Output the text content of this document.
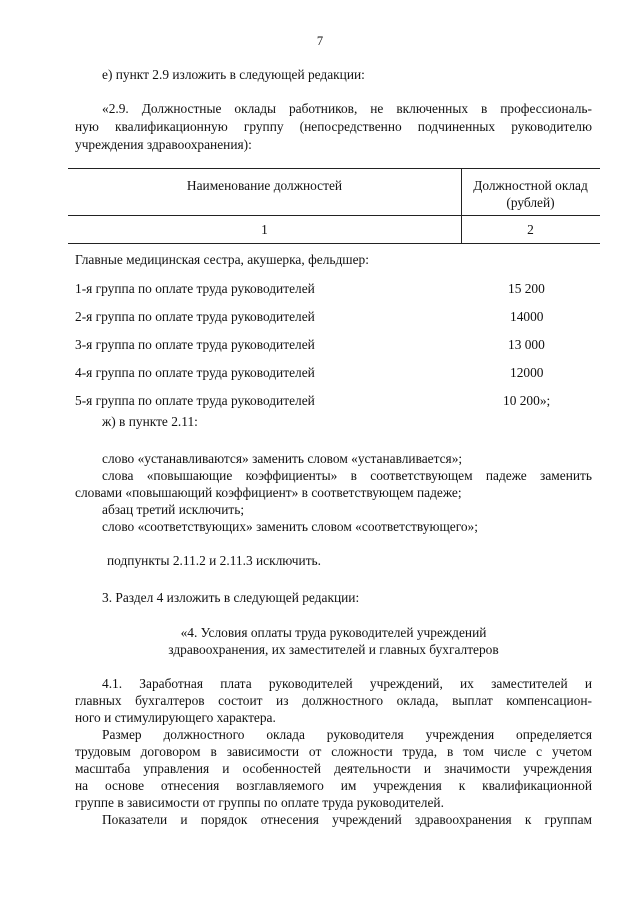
7
е) пункт 2.9 изложить в следующей редакции:
«2.9. Должностные оклады работников, не включенных в профессиональ-
ную квалификационную группу (непосредственно подчиненных руководителю
учреждения здравоохранения):
Наименование должностей	Должностной оклад
(рублей)
1	2
Главные медицинская сестра, акушерка, фельдшер:
1-я группа по оплате труда руководителей	15 200
2-я группа по оплате труда руководителей	14000
3-я группа по оплате труда руководителей	13 000
4-я группа по оплате труда руководителей	12000
5-я группа по оплате труда руководителей	10 200»;
ж) в пункте 2.11:
слово «устанавливаются» заменить словом «устанавливается»;
слова «повышающие коэффициенты» в соответствующем падеже заменить
словами «повышающий коэффициент» в соответствующем падеже;
абзац третий исключить;
слово «соответствующих» заменить словом «соответствующего»;
подпункты 2.11.2 и 2.11.3 исключить.
3. Раздел 4 изложить в следующей редакции:
«4. Условия оплаты труда руководителей учреждений
здравоохранения, их заместителей и главных бухгалтеров
4.1. Заработная плата руководителей учреждений, их заместителей и
главных бухгалтеров состоит из должностного оклада, выплат компенсацион-
ного и стимулирующего характера.
Размер должностного оклада руководителя учреждения определяется
трудовым договором в зависимости от сложности труда, в том числе с учетом
масштаба управления и особенностей деятельности и значимости учреждения
на основе отнесения возглавляемого им учреждения к квалификационной
группе в зависимости от группы по оплате труда руководителей.
Показатели и порядок отнесения учреждений здравоохранения к группам
